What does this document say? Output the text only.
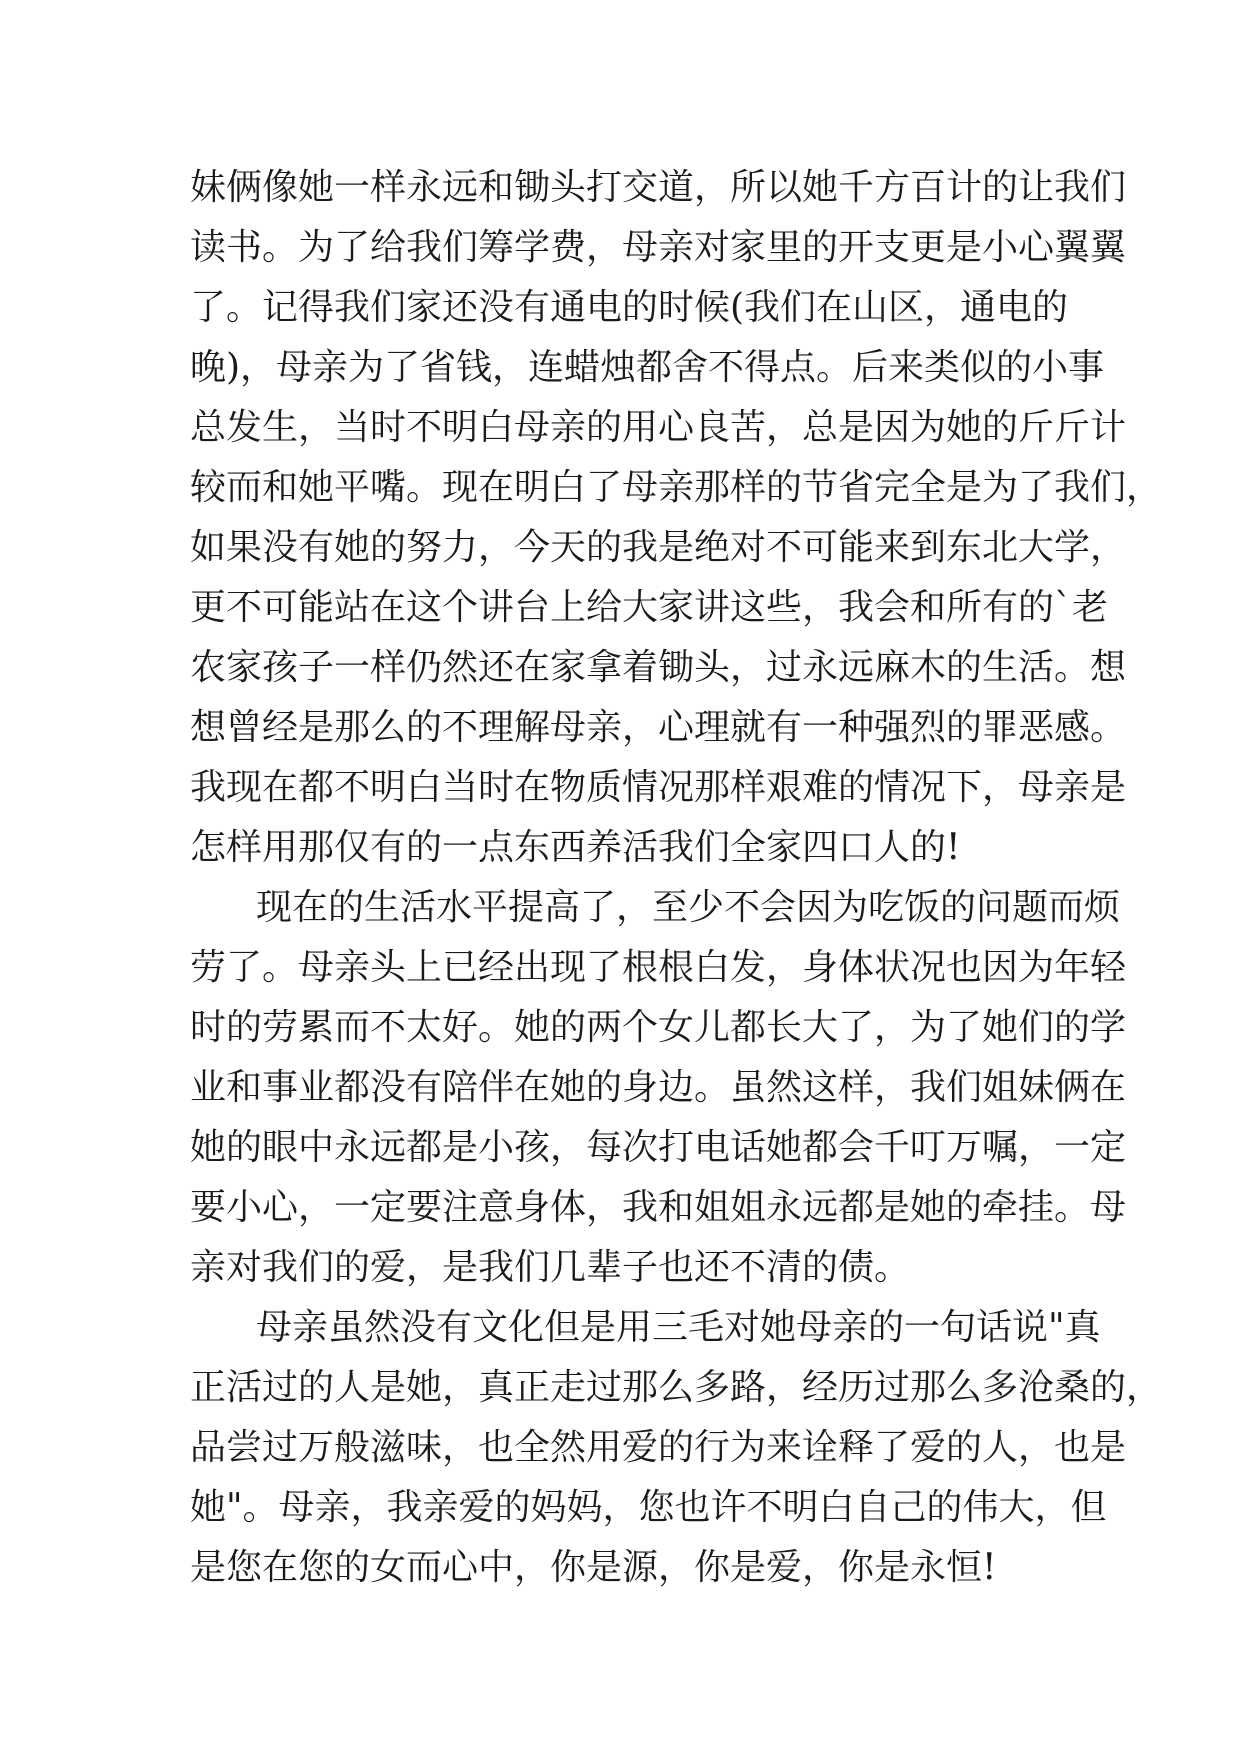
妹俩像她一样永远和锄头打交道，所以她千方百计的让我们
读书。为了给我们筹学费，母亲对家里的开支更是小心翼翼
了。记得我们家还没有通电的时候(我们在山区，通电的
晚)，母亲为了省钱，连蜡烛都舍不得点。后来类似的小事
总发生，当时不明白母亲的用心良苦，总是因为她的斤斤计
较而和她平嘴。现在明白了母亲那样的节省完全是为了我们，
如果没有她的努力，今天的我是绝对不可能来到东北大学，
更不可能站在这个讲台上给大家讲这些，我会和所有的`老
农家孩子一样仍然还在家拿着锄头，过永远麻木的生活。想
想曾经是那么的不理解母亲，心理就有一种强烈的罪恶感。
我现在都不明白当时在物质情况那样艰难的情况下，母亲是
怎样用那仅有的一点东西养活我们全家四口人的!
现在的生活水平提高了，至少不会因为吃饭的问题而烦
劳了。母亲头上已经出现了根根白发，身体状况也因为年轻
时的劳累而不太好。她的两个女儿都长大了，为了她们的学
业和事业都没有陪伴在她的身边。虽然这样，我们姐妹俩在
她的眼中永远都是小孩，每次打电话她都会千叮万嘱，一定
要小心，一定要注意身体，我和姐姐永远都是她的牵挂。母
亲对我们的爱，是我们几辈子也还不清的债。
母亲虽然没有文化但是用三毛对她母亲的一句话说"真
正活过的人是她，真正走过那么多路，经历过那么多沧桑的，
品尝过万般滋味，也全然用爱的行为来诠释了爱的人，也是
她"。母亲，我亲爱的妈妈，您也许不明白自己的伟大，但
是您在您的女而心中，你是源，你是爱，你是永恒!
